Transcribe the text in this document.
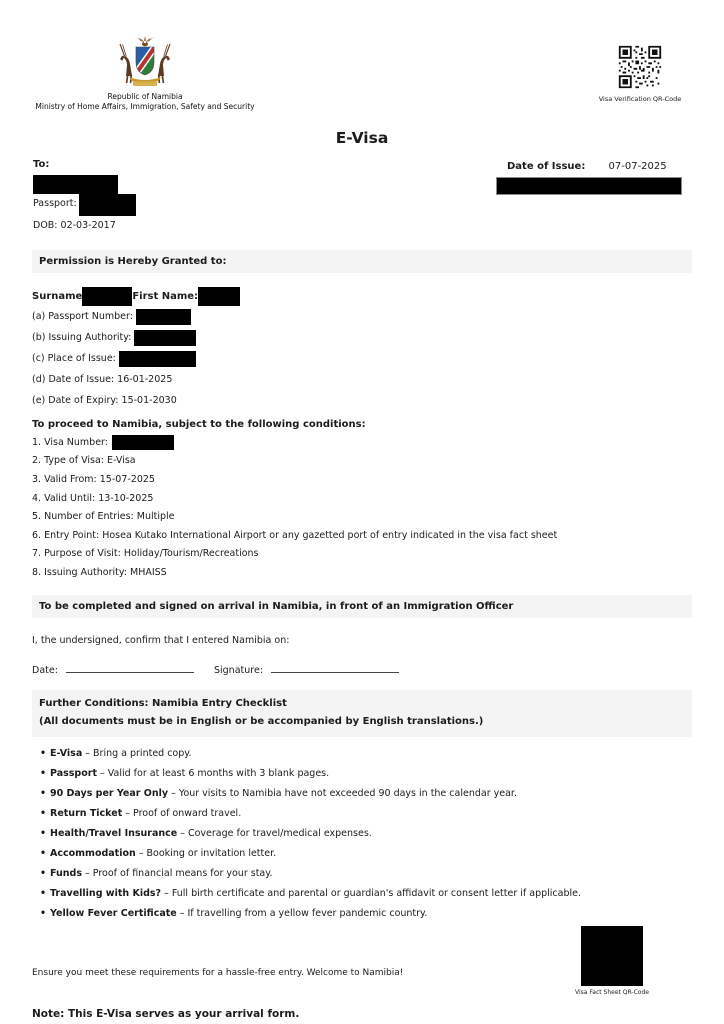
Republic of Namibia
Ministry of Home Affairs, Immigration, Safety and Security
Visa Verification QR-Code
E-Visa
To:
Passport:
DOB: 02-03-2017
Date of Issue: 07-07-2025
Permission is Hereby Granted to:
Surname	First Name:
(a) Passport Number:
(b) Issuing Authority:
(c) Place of Issue:
(d) Date of Issue: 16-01-2025
(e) Date of Expiry: 15-01-2030
To proceed to Namibia, subject to the following conditions:
1. Visa Number:
2. Type of Visa: E-Visa
3. Valid From: 15-07-2025
4. Valid Until: 13-10-2025
5. Number of Entries: Multiple
6. Entry Point: Hosea Kutako International Airport or any gazetted port of entry indicated in the visa fact sheet
7. Purpose of Visit: Holiday/Tourism/Recreations
8. Issuing Authority: MHAISS
To be completed and signed on arrival in Namibia, in front of an Immigration Officer
I, the undersigned, confirm that I entered Namibia on:
Date:	Signature:
Further Conditions: Namibia Entry Checklist
(All documents must be in English or be accompanied by English translations.)
• E-Visa – Bring a printed copy.
• Passport – Valid for at least 6 months with 3 blank pages.
• 90 Days per Year Only – Your visits to Namibia have not exceeded 90 days in the calendar year.
• Return Ticket – Proof of onward travel.
• Health/Travel Insurance – Coverage for travel/medical expenses.
• Accommodation – Booking or invitation letter.
• Funds – Proof of financial means for your stay.
• Travelling with Kids? – Full birth certificate and parental or guardian's affidavit or consent letter if applicable.
• Yellow Fever Certificate – If travelling from a yellow fever pandemic country.
Ensure you meet these requirements for a hassle-free entry. Welcome to Namibia!
Visa Fact Sheet QR-Code
Note: This E-Visa serves as your arrival form.
